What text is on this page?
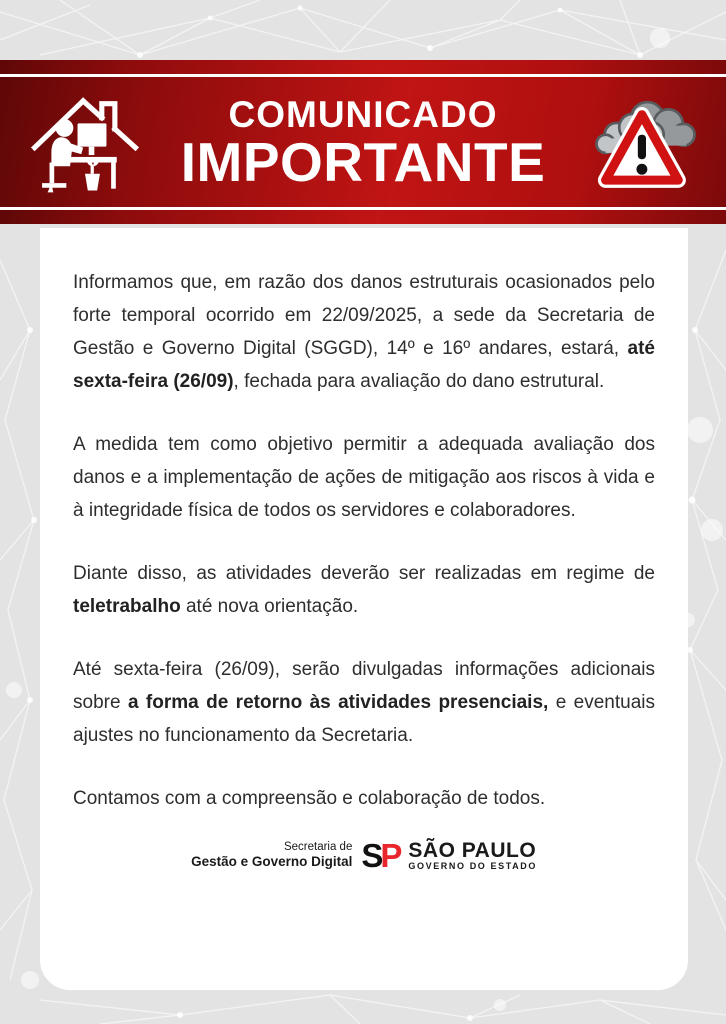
COMUNICADO
IMPORTANTE

Informamos que, em razão dos danos estruturais ocasionados pelo forte temporal ocorrido em 22/09/2025, a sede da Secretaria de Gestão e Governo Digital (SGGD), 14º e 16º andares, estará, até sexta-feira (26/09), fechada para avaliação do dano estrutural.

A medida tem como objetivo permitir a adequada avaliação dos danos e a implementação de ações de mitigação aos riscos à vida e à integridade física de todos os servidores e colaboradores.

Diante disso, as atividades deverão ser realizadas em regime de teletrabalho até nova orientação.

Até sexta-feira (26/09), serão divulgadas informações adicionais sobre a forma de retorno às atividades presenciais, e eventuais ajustes no funcionamento da Secretaria.

Contamos com a compreensão e colaboração de todos.

Secretaria de
Gestão e Governo Digital S P SÃO PAULO
GOVERNO DO ESTADO
